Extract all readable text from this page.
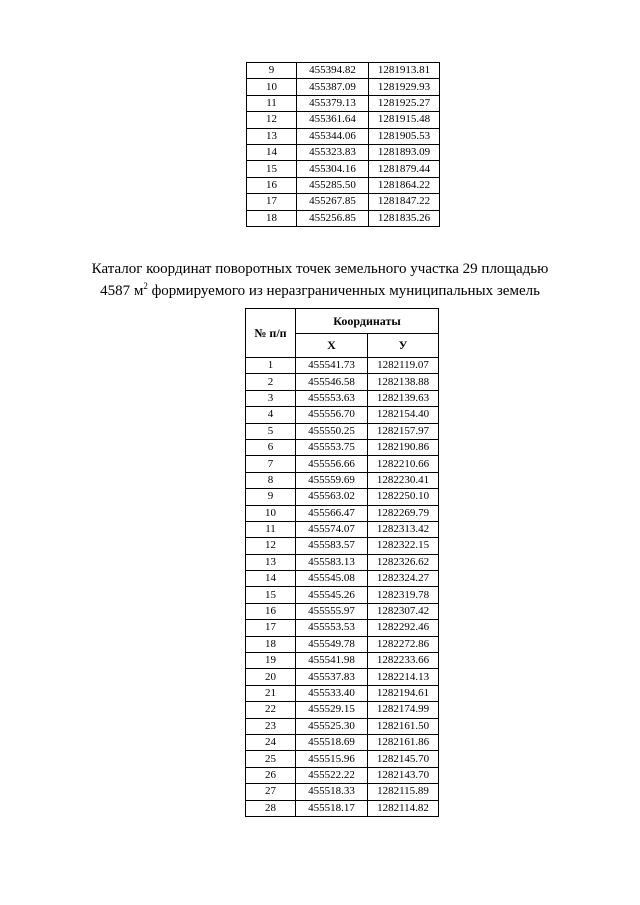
9	455394.82	1281913.81
10	455387.09	1281929.93
11	455379.13	1281925.27
12	455361.64	1281915.48
13	455344.06	1281905.53
14	455323.83	1281893.09
15	455304.16	1281879.44
16	455285.50	1281864.22
17	455267.85	1281847.22
18	455256.85	1281835.26
Каталог координат поворотных точек земельного участка 29 площадью
4587 $м^2$ формируемого из неразграниченных муниципальных земель
№ п/п	Координаты	
	Х	У
1	455541.73	1282119.07
2	455546.58	1282138.88
3	455553.63	1282139.63
4	455556.70	1282154.40
5	455550.25	1282157.97
6	455553.75	1282190.86
7	455556.66	1282210.66
8	455559.69	1282230.41
9	455563.02	1282250.10
10	455566.47	1282269.79
11	455574.07	1282313.42
12	455583.57	1282322.15
13	455583.13	1282326.62
14	455545.08	1282324.27
15	455545.26	1282319.78
16	455555.97	1282307.42
17	455553.53	1282292.46
18	455549.78	1282272.86
19	455541.98	1282233.66
20	455537.83	1282214.13
21	455533.40	1282194.61
22	455529.15	1282174.99
23	455525.30	1282161.50
24	455518.69	1282161.86
25	455515.96	1282145.70
26	455522.22	1282143.70
27	455518.33	1282115.89
28	455518.17	1282114.82
